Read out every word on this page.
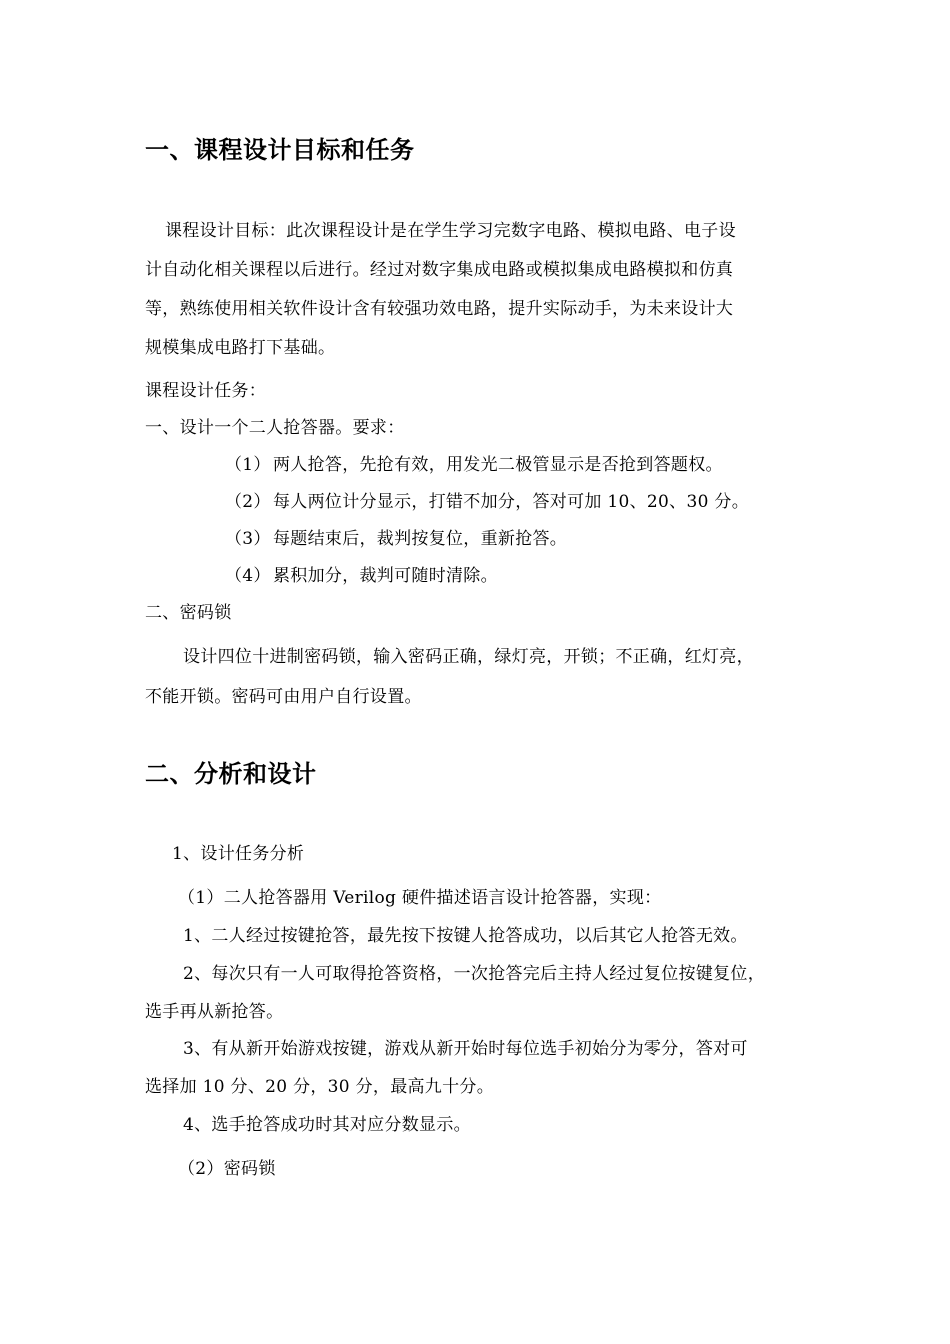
一、课程设计目标和任务

课程设计目标：此次课程设计是在学生学习完数字电路、模拟电路、电子设

计自动化相关课程以后进行。经过对数字集成电路或模拟集成电路模拟和仿真

等，熟练使用相关软件设计含有较强功效电路，提升实际动手，为未来设计大

规模集成电路打下基础。

课程设计任务：

一、设计一个二人抢答器。要求：

（1） 两人抢答，先抢有效，用发光二极管显示是否抢到答题权。

（2） 每人两位计分显示，打错不加分，答对可加 10、20、30 分。

（3） 每题结束后，裁判按复位，重新抢答。

（4） 累积加分，裁判可随时清除。

二、密码锁

设计四位十进制密码锁，输入密码正确，绿灯亮，开锁；不正确，红灯亮，

不能开锁。密码可由用户自行设置。

二、分析和设计

1、设计任务分析

（1）二人抢答器用 Verilog 硬件描述语言设计抢答器，实现：

1、二人经过按键抢答，最先按下按键人抢答成功，以后其它人抢答无效。

2、每次只有一人可取得抢答资格，一次抢答完后主持人经过复位按键复位，

选手再从新抢答。

3、有从新开始游戏按键，游戏从新开始时每位选手初始分为零分，答对可

选择加 10 分、20 分，30 分，最高九十分。

4、选手抢答成功时其对应分数显示。

（2）密码锁
